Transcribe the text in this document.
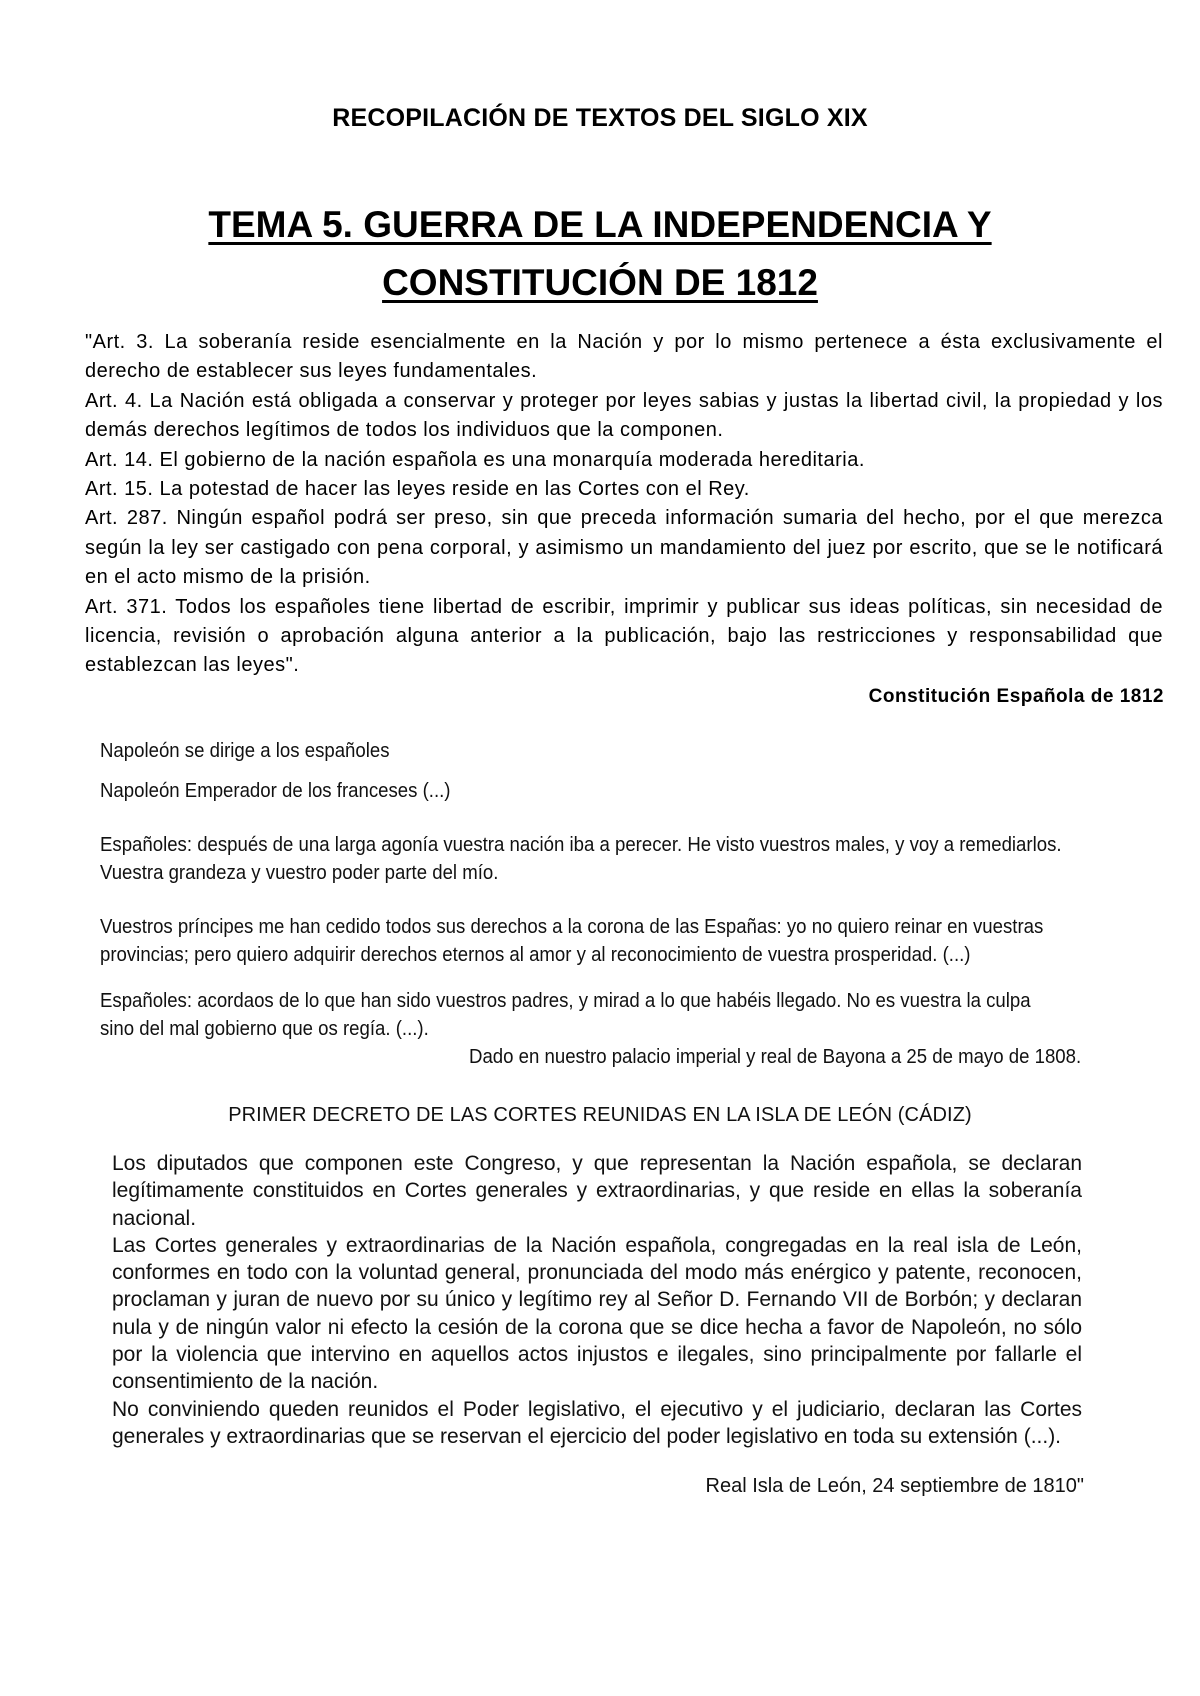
RECOPILACIÓN DE TEXTOS DEL SIGLO XIX
TEMA 5. GUERRA DE LA INDEPENDENCIA Y
CONSTITUCIÓN DE 1812

"Art. 3. La soberanía reside esencialmente en la Nación y por lo mismo pertenece a ésta exclusivamente el derecho de establecer sus leyes fundamentales.

Art. 4. La Nación está obligada a conservar y proteger por leyes sabias y justas la libertad civil, la propiedad y los demás derechos legítimos de todos los individuos que la componen.

Art. 14. El gobierno de la nación española es una monarquía moderada hereditaria.

Art. 15. La potestad de hacer las leyes reside en las Cortes con el Rey.

Art. 287. Ningún español podrá ser preso, sin que preceda información sumaria del hecho, por el que merezca según la ley ser castigado con pena corporal, y asimismo un mandamiento del juez por escrito, que se le notificará en el acto mismo de la prisión.

Art. 371. Todos los españoles tiene libertad de escribir, imprimir y publicar sus ideas políticas, sin necesidad de licencia, revisión o aprobación alguna anterior a la publicación, bajo las restricciones y responsabilidad que establezcan las leyes".

Constitución Española de 1812
Napoleón se dirige a los españoles
Napoleón Emperador de los franceses (...)
Españoles: después de una larga agonía vuestra nación iba a perecer. He visto vuestros males, y voy a remediarlos.
Vuestra grandeza y vuestro poder parte del mío.
Vuestros príncipes me han cedido todos sus derechos a la corona de las Españas: yo no quiero reinar en vuestras
provincias; pero quiero adquirir derechos eternos al amor y al reconocimiento de vuestra prosperidad. (...)
Españoles: acordaos de lo que han sido vuestros padres, y mirad a lo que habéis llegado. No es vuestra la culpa
sino del mal gobierno que os regía. (...).
Dado en nuestro palacio imperial y real de Bayona a 25 de mayo de 1808.
PRIMER DECRETO DE LAS CORTES REUNIDAS EN LA ISLA DE LEÓN (CÁDIZ)

Los diputados que componen este Congreso, y que representan la Nación española, se declaran legítimamente constituidos en Cortes generales y extraordinarias, y que reside en ellas la soberanía nacional.

Las Cortes generales y extraordinarias de la Nación española, congregadas en la real isla de León, conformes en todo con la voluntad general, pronunciada del modo más enérgico y patente, reconocen, proclaman y juran de nuevo por su único y legítimo rey al Señor D. Fernando VII de Borbón; y declaran nula y de ningún valor ni efecto la cesión de la corona que se dice hecha a favor de Napoleón, no sólo por la violencia que intervino en aquellos actos injustos e ilegales, sino principalmente por fallarle el consentimiento de la nación.

No conviniendo queden reunidos el Poder legislativo, el ejecutivo y el judiciario, declaran las Cortes generales y extraordinarias que se reservan el ejercicio del poder legislativo en toda su extensión (...).

Real Isla de León, 24 septiembre de 1810"
